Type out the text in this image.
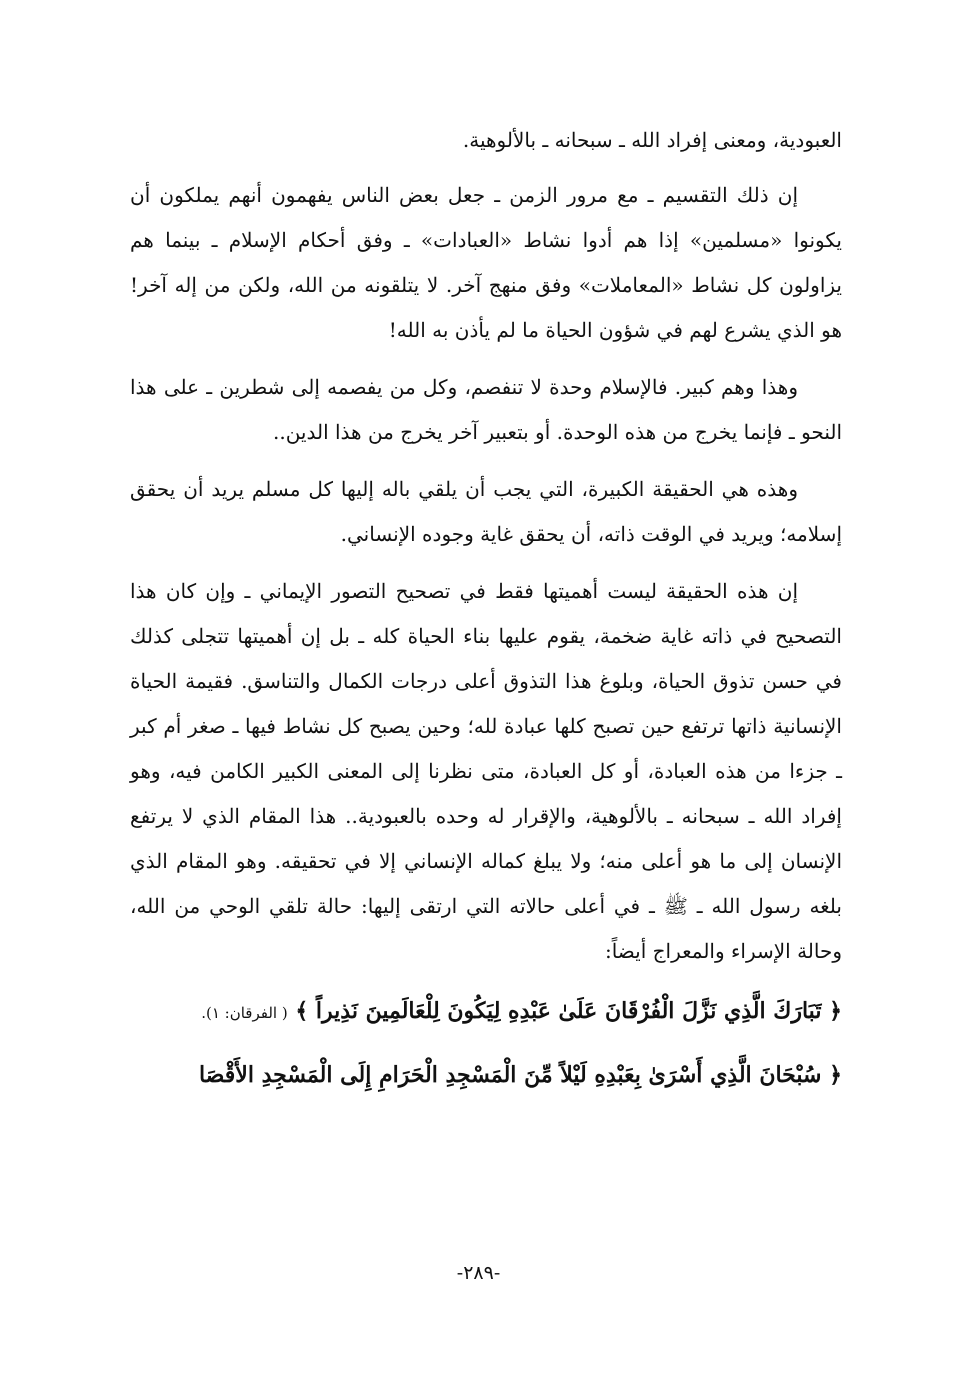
العبودية، ومعنى إفراد الله ـ سبحانه ـ بالألوهية.

إن ذلك التقسيم ـ مع مرور الزمن ـ جعل بعض الناس يفهمون أنهم يملكون أن يكونوا «مسلمين» إذا هم أدوا نشاط «العبادات» ـ وفق أحكام الإسلام ـ بينما هم يزاولون كل نشاط «المعاملات» وفق منهج آخر. لا يتلقونه من الله، ولكن من إله آخر! هو الذي يشرع لهم في شؤون الحياة ما لم يأذن به الله!

وهذا وهم كبير. فالإسلام وحدة لا تنفصم، وكل من يفصمه إلى شطرين ـ على هذا النحو ـ فإنما يخرج من هذه الوحدة. أو بتعبير آخر يخرج من هذا الدين..

وهذه هي الحقيقة الكبيرة، التي يجب أن يلقي باله إليها كل مسلم يريد أن يحقق إسلامه؛ ويريد في الوقت ذاته، أن يحقق غاية وجوده الإنساني.

إن هذه الحقيقة ليست أهميتها فقط في تصحيح التصور الإيماني ـ وإن كان هذا التصحيح في ذاته غاية ضخمة، يقوم عليها بناء الحياة كله ـ بل إن أهميتها تتجلى كذلك في حسن تذوق الحياة، وبلوغ هذا التذوق أعلى درجات الكمال والتناسق. فقيمة الحياة الإنسانية ذاتها ترتفع حين تصبح كلها عبادة لله؛ وحين يصبح كل نشاط فيها ـ صغر أم كبر ـ جزءا من هذه العبادة، أو كل العبادة، متى نظرنا إلى المعنى الكبير الكامن فيه، وهو إفراد الله ـ سبحانه ـ بالألوهية، والإقرار له وحده بالعبودية.. هذا المقام الذي لا يرتفع الإنسان إلى ما هو أعلى منه؛ ولا يبلغ كماله الإنساني إلا في تحقيقه. وهو المقام الذي بلغه رسول الله ـ ﷺ ـ في أعلى حالاته التي ارتقى إليها: حالة تلقي الوحي من الله، وحالة الإسراء والمعراج أيضاً:

﴿ تَبَارَكَ الَّذِي نَزَّلَ الْفُرْقَانَ عَلَىٰ عَبْدِهِ لِيَكُونَ لِلْعَالَمِينَ نَذِيراً ﴾ ( الفرقان: ١).
﴿ سُبْحَانَ الَّذِي أَسْرَىٰ بِعَبْدِهِ لَيْلاً مِّنَ الْمَسْجِدِ الْحَرَامِ إِلَى الْمَسْجِدِ الأَقْصَا
-٢٨٩-
